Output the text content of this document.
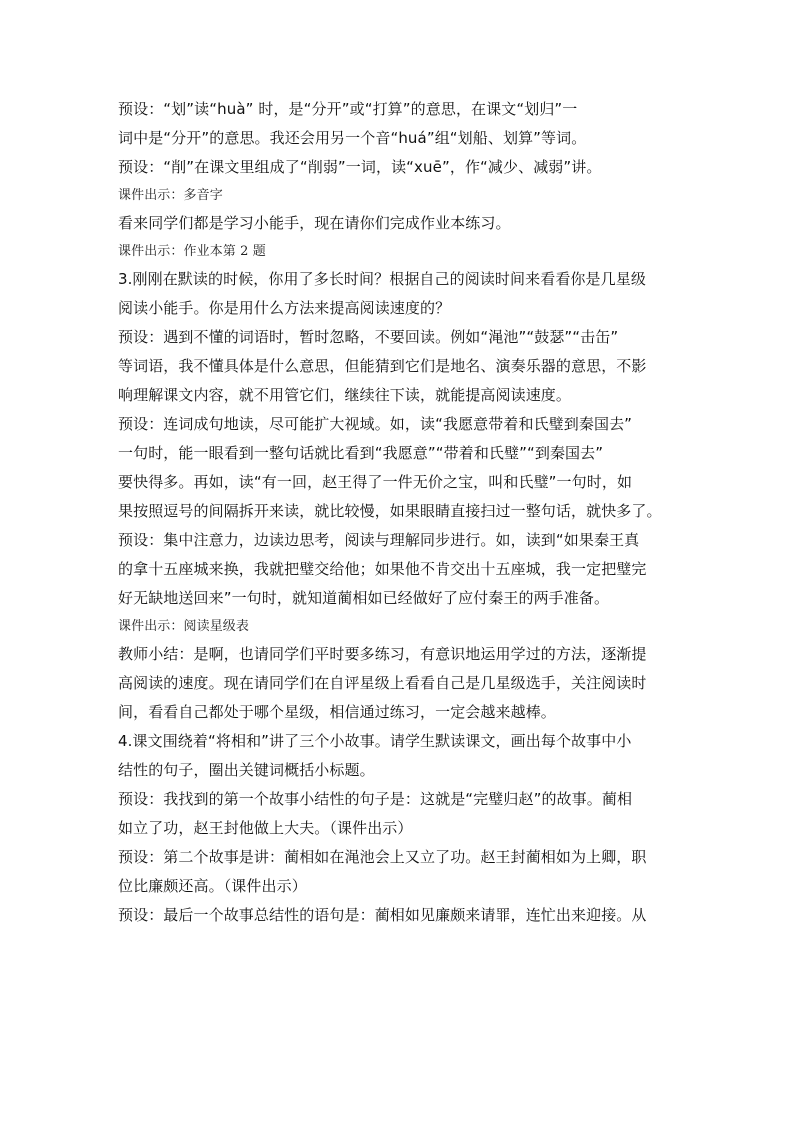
预设：“划”读“huà” 时，是“分开”或“打算”的意思，在课文“划归”一
词中是“分开”的意思。我还会用另一个音“huá”组“划船、划算”等词。
预设：“削”在课文里组成了“削弱”一词，读“xuē”，作“减少、减弱”讲。
课件出示：多音字
看来同学们都是学习小能手，现在请你们完成作业本练习。
课件出示：作业本第 2 题
3.刚刚在默读的时候，你用了多长时间？根据自己的阅读时间来看看你是几星级
阅读小能手。你是用什么方法来提高阅读速度的？
预设：遇到不懂的词语时，暂时忽略，不要回读。例如“渑池”“鼓瑟”“击缶”
等词语，我不懂具体是什么意思，但能猜到它们是地名、演奏乐器的意思，不影
响理解课文内容，就不用管它们，继续往下读，就能提高阅读速度。
预设：连词成句地读，尽可能扩大视域。如，读“我愿意带着和氏璧到秦国去”
一句时，能一眼看到一整句话就比看到“我愿意”“带着和氏璧”“到秦国去”
要快得多。再如，读“有一回，赵王得了一件无价之宝，叫和氏璧”一句时，如
果按照逗号的间隔拆开来读，就比较慢，如果眼睛直接扫过一整句话，就快多了。
预设：集中注意力，边读边思考，阅读与理解同步进行。如，读到“如果秦王真
的拿十五座城来换，我就把璧交给他；如果他不肯交出十五座城，我一定把璧完
好无缺地送回来”一句时，就知道蔺相如已经做好了应付秦王的两手准备。
课件出示：阅读星级表
教师小结：是啊，也请同学们平时要多练习，有意识地运用学过的方法，逐渐提
高阅读的速度。现在请同学们在自评星级上看看自己是几星级选手，关注阅读时
间，看看自己都处于哪个星级，相信通过练习，一定会越来越棒。
4.课文围绕着“将相和”讲了三个小故事。请学生默读课文，画出每个故事中小
结性的句子，圈出关键词概括小标题。
预设：我找到的第一个故事小结性的句子是：这就是“完璧归赵”的故事。蔺相
如立了功，赵王封他做上大夫。（课件出示）
预设：第二个故事是讲：蔺相如在渑池会上又立了功。赵王封蔺相如为上卿，职
位比廉颇还高。（课件出示）
预设：最后一个故事总结性的语句是：蔺相如见廉颇来请罪，连忙出来迎接。从
